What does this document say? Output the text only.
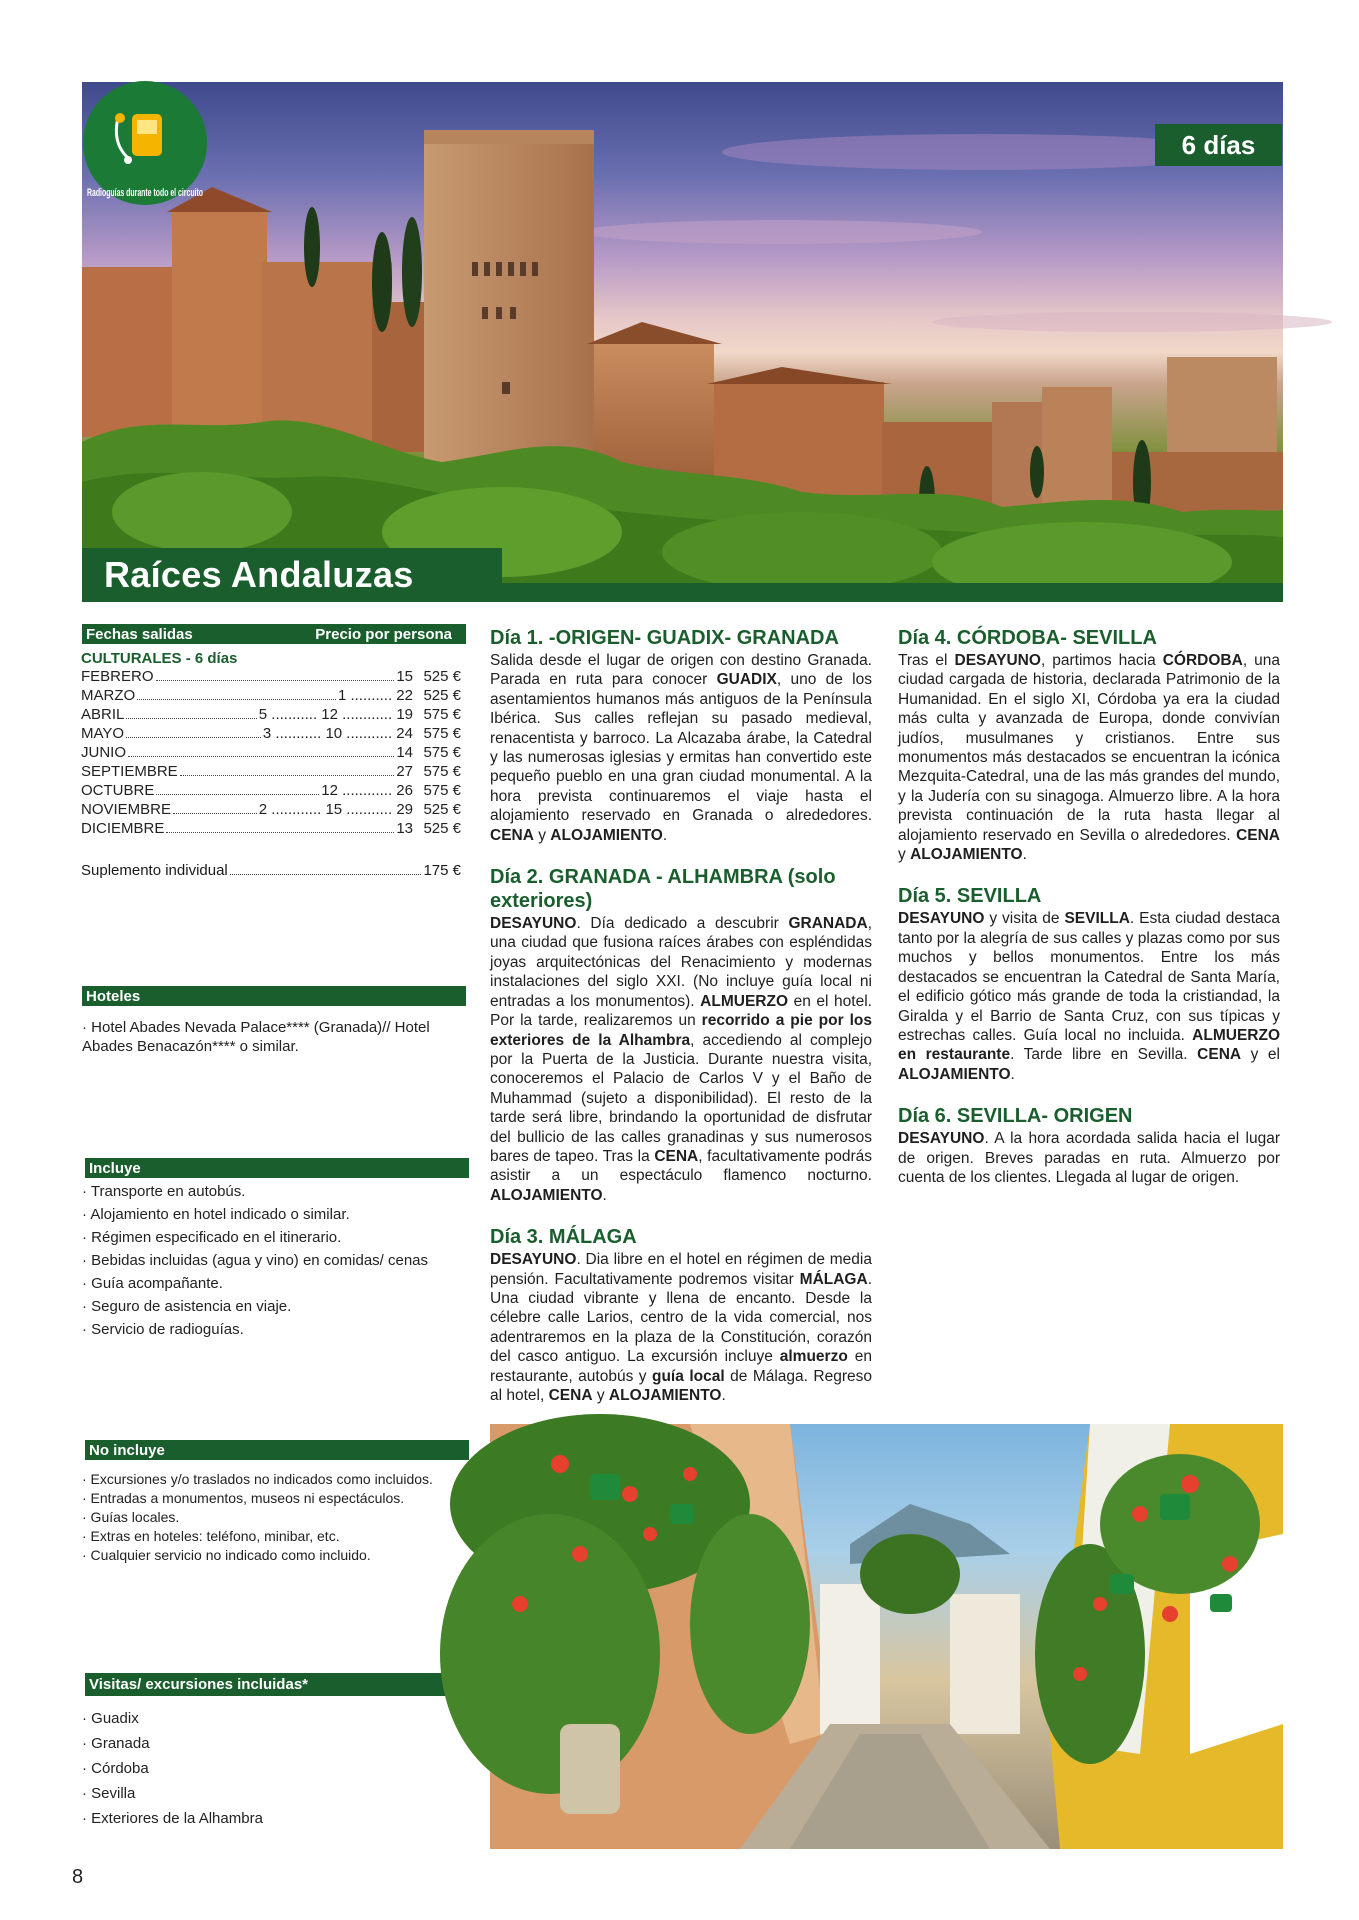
Radioguías durante todo el circuito
6 días
Raíces Andaluzas
Fechas salidas	Precio por persona
CULTURALES - 6 días
FEBRERO	15 525 €
MARZO	1 .......... 22 525 €
ABRIL	5 ........... 12 ............ 19 575 €
MAYO	3 ........... 10 ........... 24 575 €
JUNIO	14 575 €
SEPTIEMBRE	27 575 €
OCTUBRE	12 ............ 26 575 €
NOVIEMBRE	2 ............ 15 ........... 29 525 €
DICIEMBRE	13 525 €
Suplemento individual	175 €
Hoteles
· Hotel Abades Nevada Palace**** (Granada)// Hotel Abades Benacazón**** o similar.
Incluye
· Transporte en autobús.
· Alojamiento en hotel indicado o similar.
· Régimen especificado en el itinerario.
· Bebidas incluidas (agua y vino) en comidas/ cenas
· Guía acompañante.
· Seguro de asistencia en viaje.
· Servicio de radioguías.
No incluye
· Excursiones y/o traslados no indicados como incluidos.
· Entradas a monumentos, museos ni espectáculos.
· Guías locales.
· Extras en hoteles: teléfono, minibar, etc.
· Cualquier servicio no indicado como incluido.
Visitas/ excursiones incluidas*
· Guadix
· Granada
· Córdoba
· Sevilla
· Exteriores de la Alhambra
Día 1. -ORIGEN- GUADIX- GRANADA

Salida desde el lugar de origen con destino Granada. Parada en ruta para conocer GUADIX, uno de los asentamientos humanos más antiguos de la Península Ibérica. Sus calles reflejan su pasado medieval, renacentista y barroco. La Alcazaba árabe, la Catedral y las numerosas iglesias y ermitas han convertido este pequeño pueblo en una gran ciudad monumental. A la hora prevista continuaremos el viaje hasta el alojamiento reservado en Granada o alrededores. CENA y ALOJAMIENTO.

Día 2. GRANADA - ALHAMBRA (solo exteriores)

DESAYUNO. Día dedicado a descubrir GRANADA, una ciudad que fusiona raíces árabes con espléndidas joyas arquitectónicas del Renacimiento y modernas instalaciones del siglo XXI. (No incluye guía local ni entradas a los monumentos). ALMUERZO en el hotel. Por la tarde, realizaremos un recorrido a pie por los exteriores de la Alhambra, accediendo al complejo por la Puerta de la Justicia. Durante nuestra visita, conoceremos el Palacio de Carlos V y el Baño de Muhammad (sujeto a disponibilidad). El resto de la tarde será libre, brindando la oportunidad de disfrutar del bullicio de las calles granadinas y sus numerosos bares de tapeo. Tras la CENA, facultativamente podrás asistir a un espectáculo flamenco nocturno. ALOJAMIENTO.

Día 3. MÁLAGA

DESAYUNO. Dia libre en el hotel en régimen de media pensión. Facultativamente podremos visitar MÁLAGA. Una ciudad vibrante y llena de encanto. Desde la célebre calle Larios, centro de la vida comercial, nos adentraremos en la plaza de la Constitución, corazón del casco antiguo. La excursión incluye almuerzo en restaurante, autobús y guía local de Málaga. Regreso al hotel, CENA y ALOJAMIENTO.

Día 4. CÓRDOBA- SEVILLA

Tras el DESAYUNO, partimos hacia CÓRDOBA, una ciudad cargada de historia, declarada Patrimonio de la Humanidad. En el siglo XI, Córdoba ya era la ciudad más culta y avanzada de Europa, donde convivían judíos, musulmanes y cristianos. Entre sus monumentos más destacados se encuentran la icónica Mezquita-Catedral, una de las más grandes del mundo, y la Judería con su sinagoga. Almuerzo libre. A la hora prevista continuación de la ruta hasta llegar al alojamiento reservado en Sevilla o alrededores. CENA y ALOJAMIENTO.

Día 5. SEVILLA

DESAYUNO y visita de SEVILLA. Esta ciudad destaca tanto por la alegría de sus calles y plazas como por sus muchos y bellos monumentos. Entre los más destacados se encuentran la Catedral de Santa María, el edificio gótico más grande de toda la cristiandad, la Giralda y el Barrio de Santa Cruz, con sus típicas y estrechas calles. Guía local no incluida. ALMUERZO en restaurante. Tarde libre en Sevilla. CENA y el ALOJAMIENTO.

Día 6. SEVILLA- ORIGEN

DESAYUNO. A la hora acordada salida hacia el lugar de origen. Breves paradas en ruta. Almuerzo por cuenta de los clientes. Llegada al lugar de origen.

8
